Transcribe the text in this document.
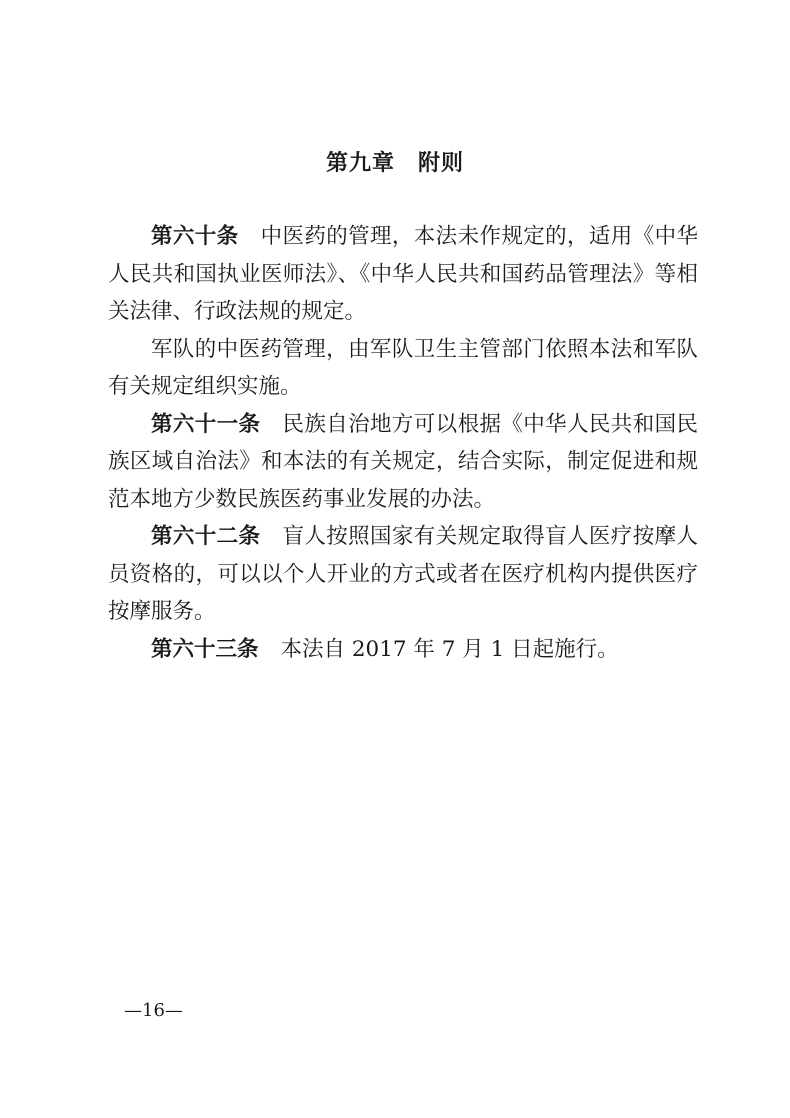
第九章　附则

第六十条 中医药的管理，本法未作规定的，适用《中华人民共和国执业医师法》、《中华人民共和国药品管理法》等相关法律、行政法规的规定。

军队的中医药管理，由军队卫生主管部门依照本法和军队有关规定组织实施。

第六十一条 民族自治地方可以根据《中华人民共和国民族区域自治法》和本法的有关规定，结合实际，制定促进和规范本地方少数民族医药事业发展的办法。

第六十二条 盲人按照国家有关规定取得盲人医疗按摩人员资格的，可以以个人开业的方式或者在医疗机构内提供医疗按摩服务。

第六十三条 本法自 2017 年 7 月 1 日起施行。

—16—
